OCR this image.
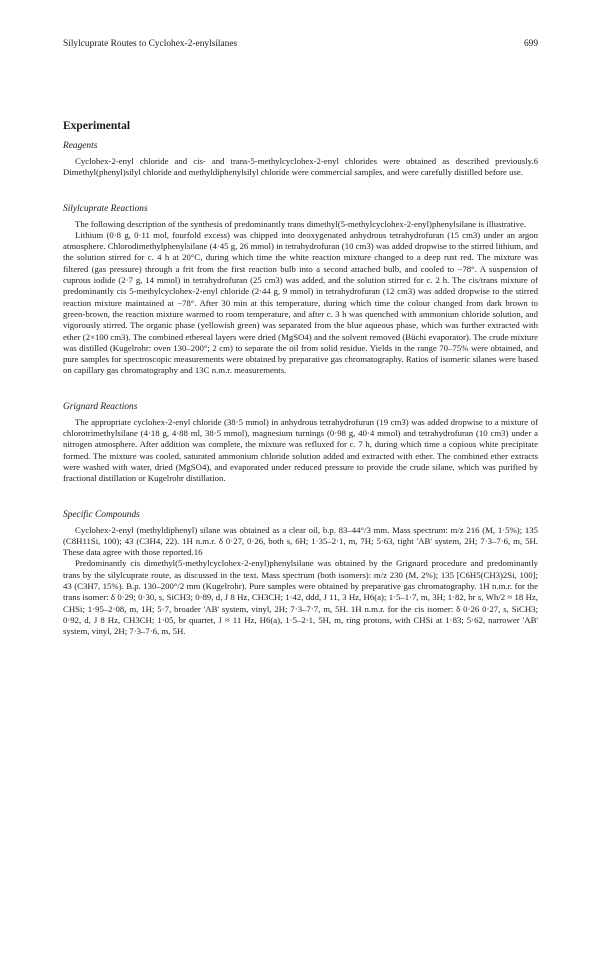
Silylcuprate Routes to Cyclohex-2-enylsilanes	699
Experimental
Reagents

Cyclohex-2-enyl chloride and cis- and trans-5-methylcyclohex-2-enyl chlorides were obtained as described previously.6 Dimethyl(phenyl)silyl chloride and methyldiphenylsilyl chloride were commercial samples, and were carefully distilled before use.

Silylcuprate Reactions

The following description of the synthesis of predominantly trans dimethyl(5-methylcyclohex-2-enyl)phenylsilane is illustrative.

Lithium (0·8 g, 0·11 mol, fourfold excess) was chipped into deoxygenated anhydrous tetrahydrofuran (15 cm3) under an argon atmosphere. Chlorodimethylphenylsilane (4·45 g, 26 mmol) in tetrahydrofuran (10 cm3) was added dropwise to the stirred lithium, and the solution stirred for c. 4 h at 20°C, during which time the white reaction mixture changed to a deep rust red. The mixture was filtered (gas pressure) through a frit from the first reaction bulb into a second attached bulb, and cooled to −78°. A suspension of cuprous iodide (2·7 g, 14 mmol) in tetrahydrofuran (25 cm3) was added, and the solution stirred for c. 2 h. The cis/trans mixture of predominantly cis 5-methylcyclohex-2-enyl chloride (2·44 g, 9 mmol) in tetrahydrofuran (12 cm3) was added dropwise to the stirred reaction mixture maintained at −78°. After 30 min at this temperature, during which time the colour changed from dark brown to green-brown, the reaction mixture warmed to room temperature, and after c. 3 h was quenched with ammonium chloride solution, and vigorously stirred. The organic phase (yellowish green) was separated from the blue aqueous phase, which was further extracted with ether (2×100 cm3). The combined ethereal layers were dried (MgSO4) and the solvent removed (Büchi evaporator). The crude mixture was distilled (Kugelrohr: oven 130–200°; 2 cm) to separate the oil from solid residue. Yields in the range 70–75% were obtained, and pure samples for spectroscopic measurements were obtained by preparative gas chromatography. Ratios of isomeric silanes were based on capillary gas chromatography and 13C n.m.r. measurements.

Grignard Reactions

The appropriate cyclohex-2-enyl chloride (38·5 mmol) in anhydrous tetrahydrofuran (19 cm3) was added dropwise to a mixture of chlorotrimethylsilane (4·18 g, 4·88 ml, 38·5 mmol), magnesium turnings (0·98 g, 40·4 mmol) and tetrahydrofuran (10 cm3) under a nitrogen atmosphere. After addition was complete, the mixture was refluxed for c. 7 h, during which time a copious white precipitate formed. The mixture was cooled, saturated ammonium chloride solution added and extracted with ether. The combined ether extracts were washed with water, dried (MgSO4), and evaporated under reduced pressure to provide the crude silane, which was purified by fractional distillation or Kugelrohr distillation.

Specific Compounds

Cyclohex-2-enyl (methyldiphenyl) silane was obtained as a clear oil, b.p. 83–44°/3 mm. Mass spectrum: m/z 216 (M, 1·5%); 135 (C8H11Si, 100); 43 (C3H4, 22). 1H n.m.r. δ 0·27, 0·26, both s, 6H; 1·35–2·1, m, 7H; 5·63, tight 'AB' system, 2H; 7·3–7·6, m, 5H. These data agree with those reported.16

Predominantly cis dimethyl(5-methylcyclohex-2-enyl)phenylsilane was obtained by the Grignard procedure and predominantly trans by the silylcuprate route, as discussed in the text. Mass spectrum (both isomers): m/z 230 (M, 2%); 135 [C6H5(CH3)2Si, 100]; 43 (C3H7, 15%). B.p. 130–200°/2 mm (Kugelrohr). Pure samples were obtained by preparative gas chromatography. 1H n.m.r. for the trans isomer: δ 0·29; 0·30, s, SiCH3; 0·89, d, J 8 Hz, CH3CH; 1·42, ddd, J 11, 3 Hz, H6(a); 1·5–1·7, m, 3H; 1·82, br s, Wh/2 ≈ 18 Hz, CHSi; 1·95–2·08, m, 1H; 5·7, broader 'AB' system, vinyl, 2H; 7·3–7·7, m, 5H. 1H n.m.r. for the cis isomer: δ 0·26 0·27, s, SiCH3; 0·92, d, J 8 Hz, CH3CH; 1·05, br quartet, J ≈ 11 Hz, H6(a), 1·5–2·1, 5H, m, ring protons, with CHSi at 1·83; 5·62, narrower 'AB' system, vinyl, 2H; 7·3–7·6, m, 5H.
